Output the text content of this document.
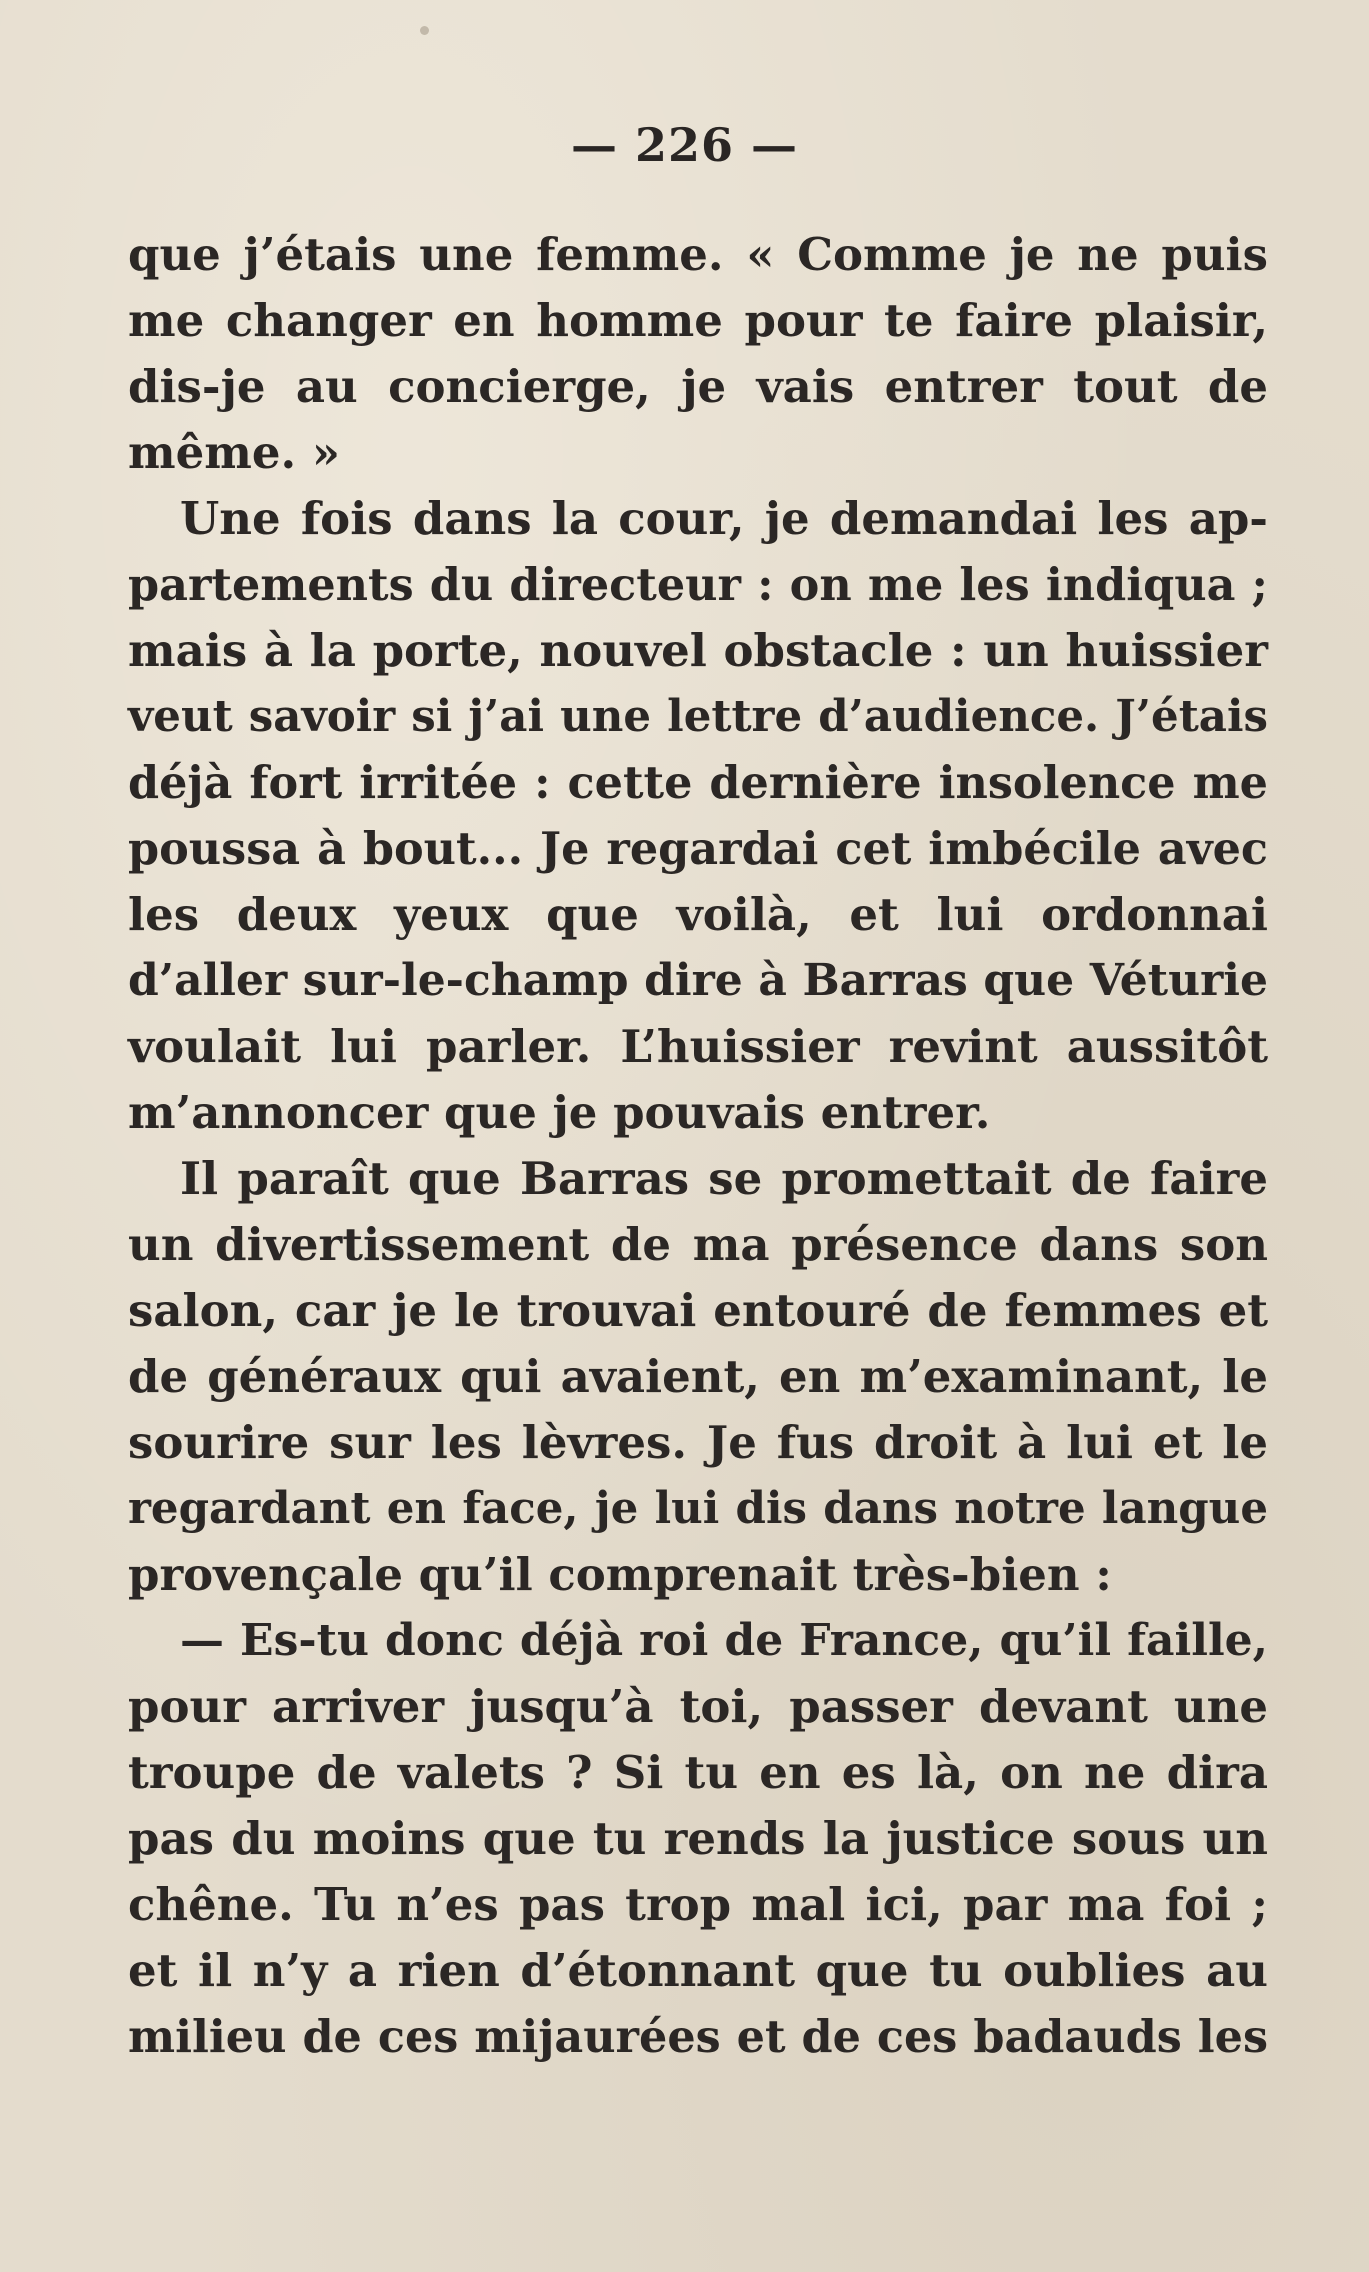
— 226 —
que j’étais une femme. « Comme je ne puis
me changer en homme pour te faire plaisir,
dis-je au concierge, je vais entrer tout de
même. »
Une fois dans la cour, je demandai les ap-
partements du directeur : on me les indiqua ;
mais à la porte, nouvel obstacle : un huissier
veut savoir si j’ai une lettre d’audience. J’étais
déjà fort irritée : cette dernière insolence me
poussa à bout... Je regardai cet imbécile avec
les deux yeux que voilà, et lui ordonnai
d’aller sur-le-champ dire à Barras que Véturie
voulait lui parler. L’huissier revint aussitôt
m’annoncer que je pouvais entrer.
Il paraît que Barras se promettait de faire
un divertissement de ma présence dans son
salon, car je le trouvai entouré de femmes et
de généraux qui avaient, en m’examinant, le
sourire sur les lèvres. Je fus droit à lui et le
regardant en face, je lui dis dans notre langue
provençale qu’il comprenait très-bien :
— Es-tu donc déjà roi de France, qu’il faille,
pour arriver jusqu’à toi, passer devant une
troupe de valets ? Si tu en es là, on ne dira
pas du moins que tu rends la justice sous un
chêne. Tu n’es pas trop mal ici, par ma foi ;
et il n’y a rien d’étonnant que tu oublies au
milieu de ces mijaurées et de ces badauds les
